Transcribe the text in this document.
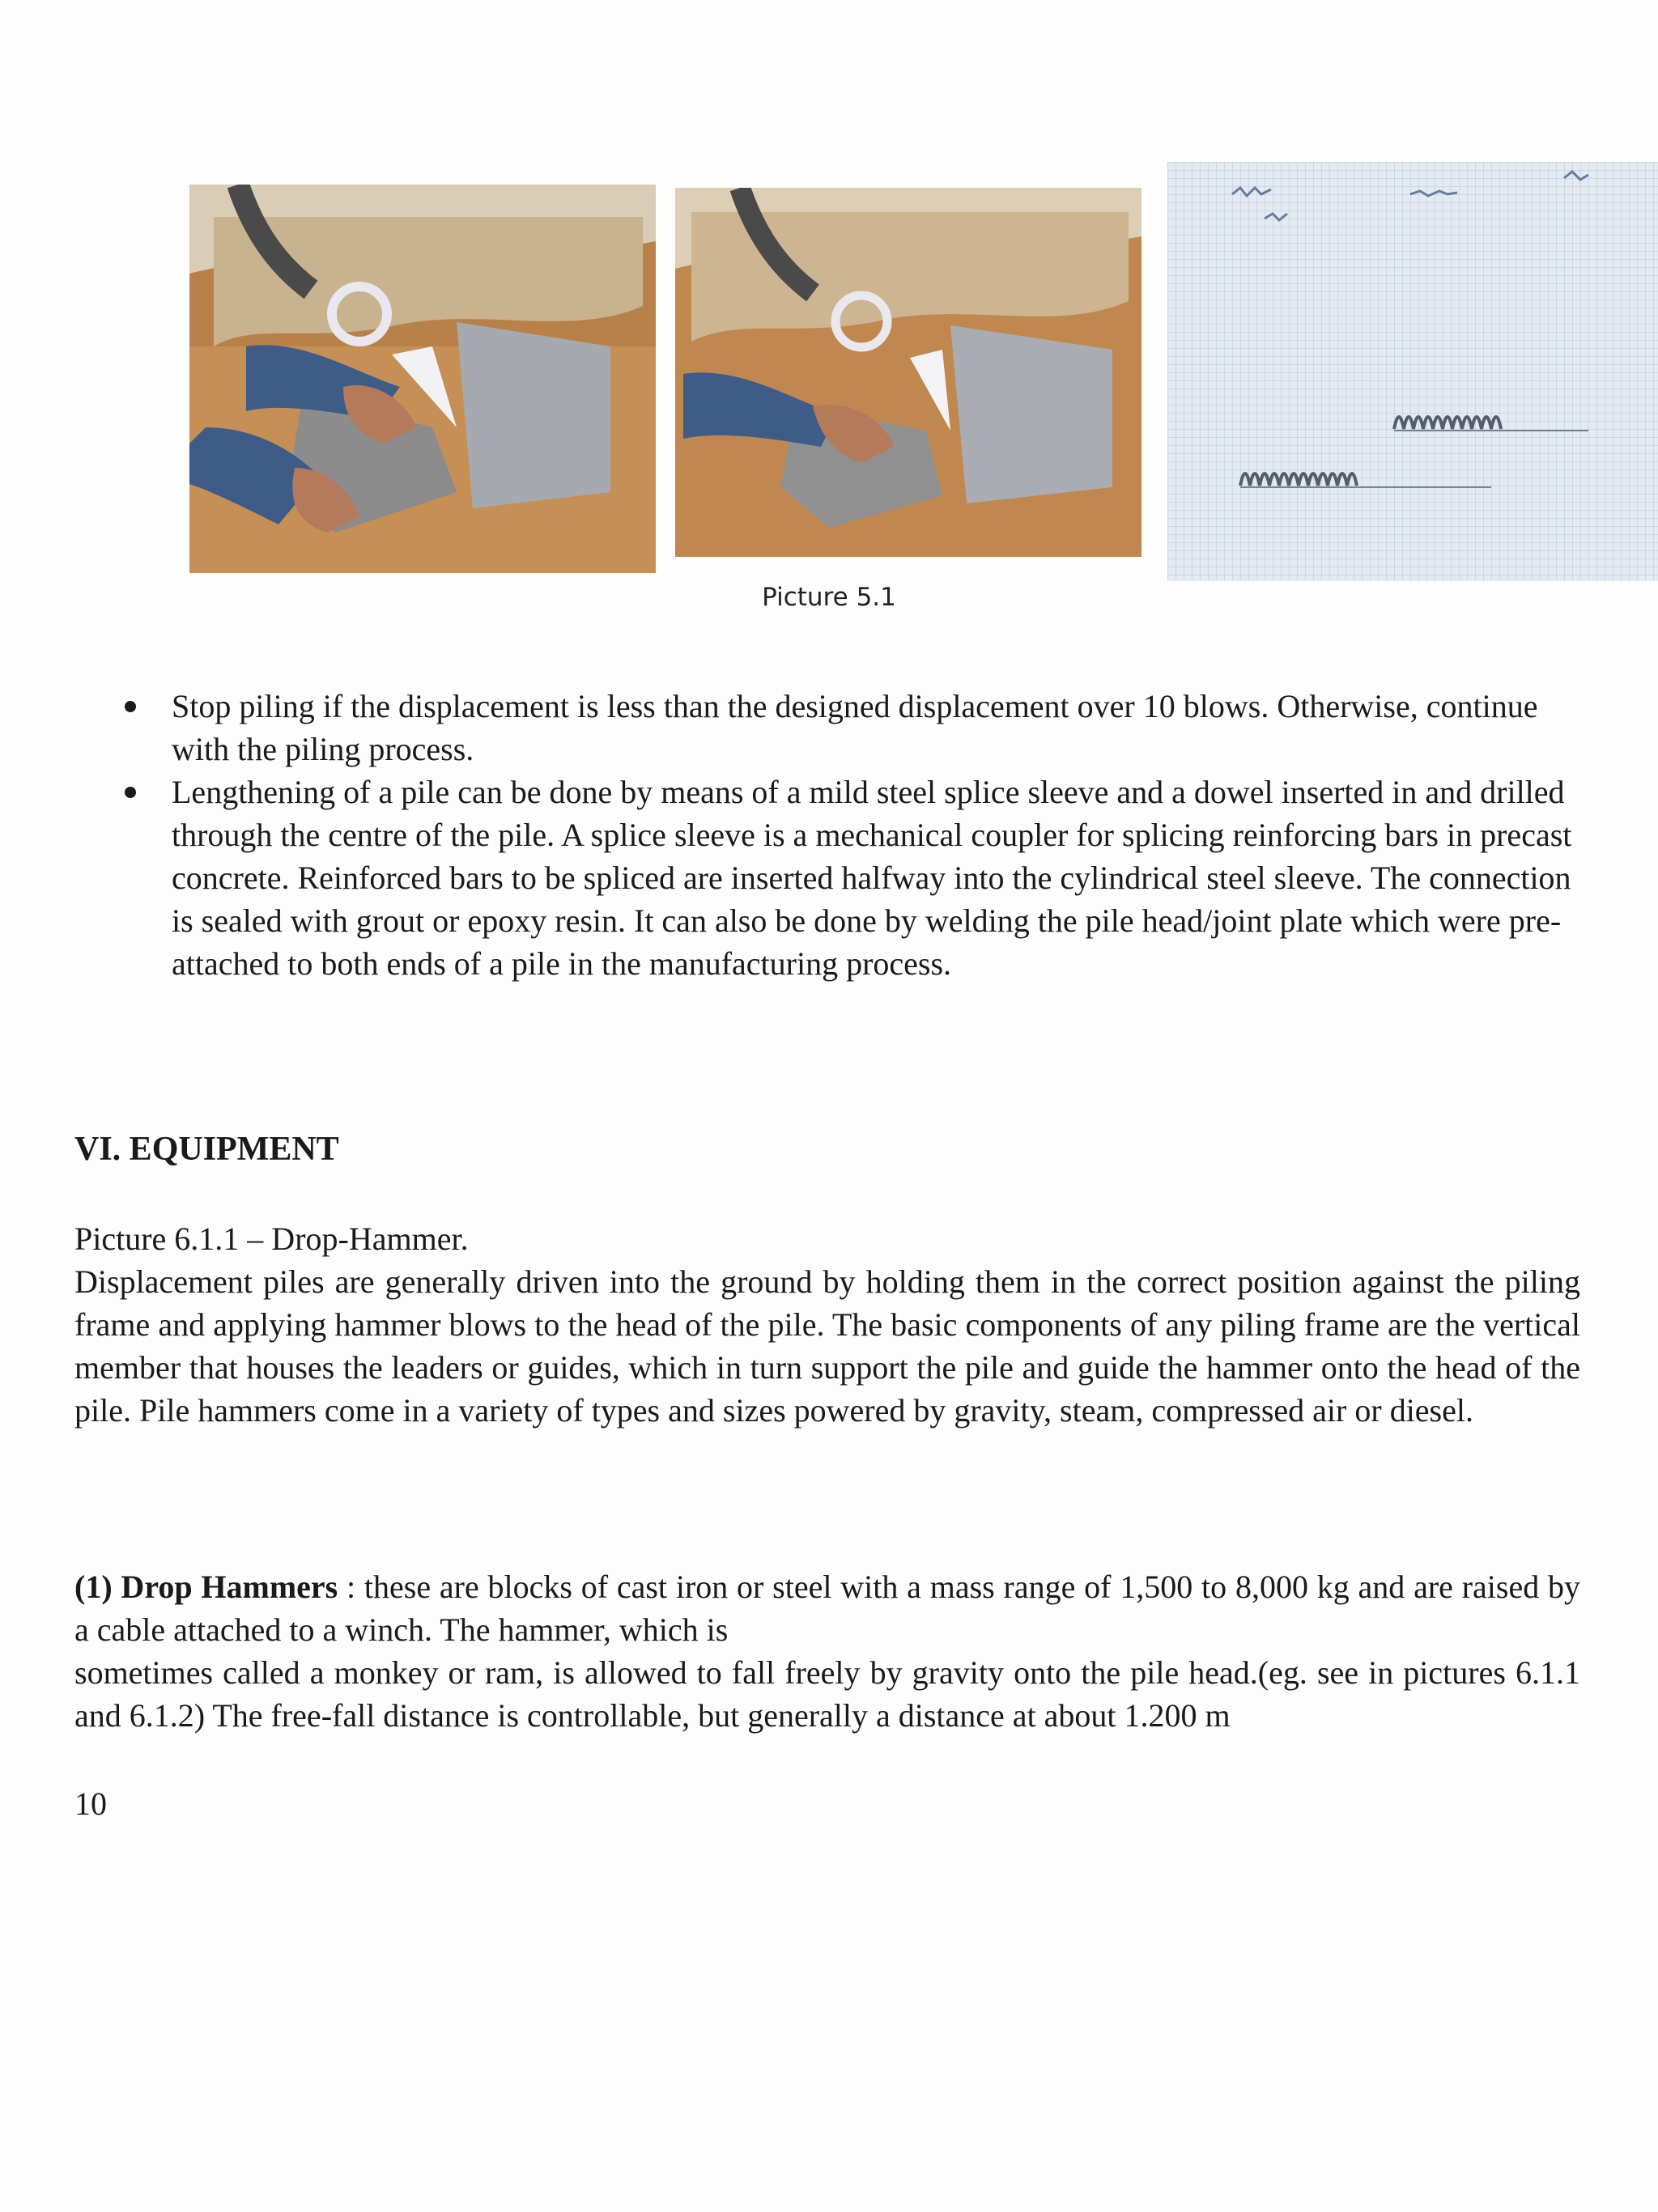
Picture 5.1
Stop piling if the displacement is less than the designed displacement over 10 blows. Otherwise, continue with the piling process.
Lengthening of a pile can be done by means of a mild steel splice sleeve and a dowel inserted in and drilled through the centre of the pile. A splice sleeve is a mechanical coupler for splicing reinforcing bars in precast concrete. Reinforced bars to be spliced are inserted halfway into the cylindrical steel sleeve. The connection is sealed with grout or epoxy resin. It can also be done by welding the pile head/joint plate which were pre-attached to both ends of a pile in the manufacturing process.
VI. EQUIPMENT

Picture 6.1.1 – Drop-Hammer.

Displacement piles are generally driven into the ground by holding them in the correct position against the piling frame and applying hammer blows to the head of the pile. The basic components of any piling frame are the vertical member that houses the leaders or guides, which in turn support the pile and guide the hammer onto the head of the pile. Pile hammers come in a variety of types and sizes powered by gravity, steam, compressed air or diesel.

(1) Drop Hammers : these are blocks of cast iron or steel with a mass range of 1,500 to 8,000 kg and are raised by a cable attached to a winch. The hammer, which is

sometimes called a monkey or ram, is allowed to fall freely by gravity onto the pile head.(eg. see in pictures 6.1.1 and 6.1.2) The free-fall distance is controllable, but generally a distance at about 1.200 m

10
